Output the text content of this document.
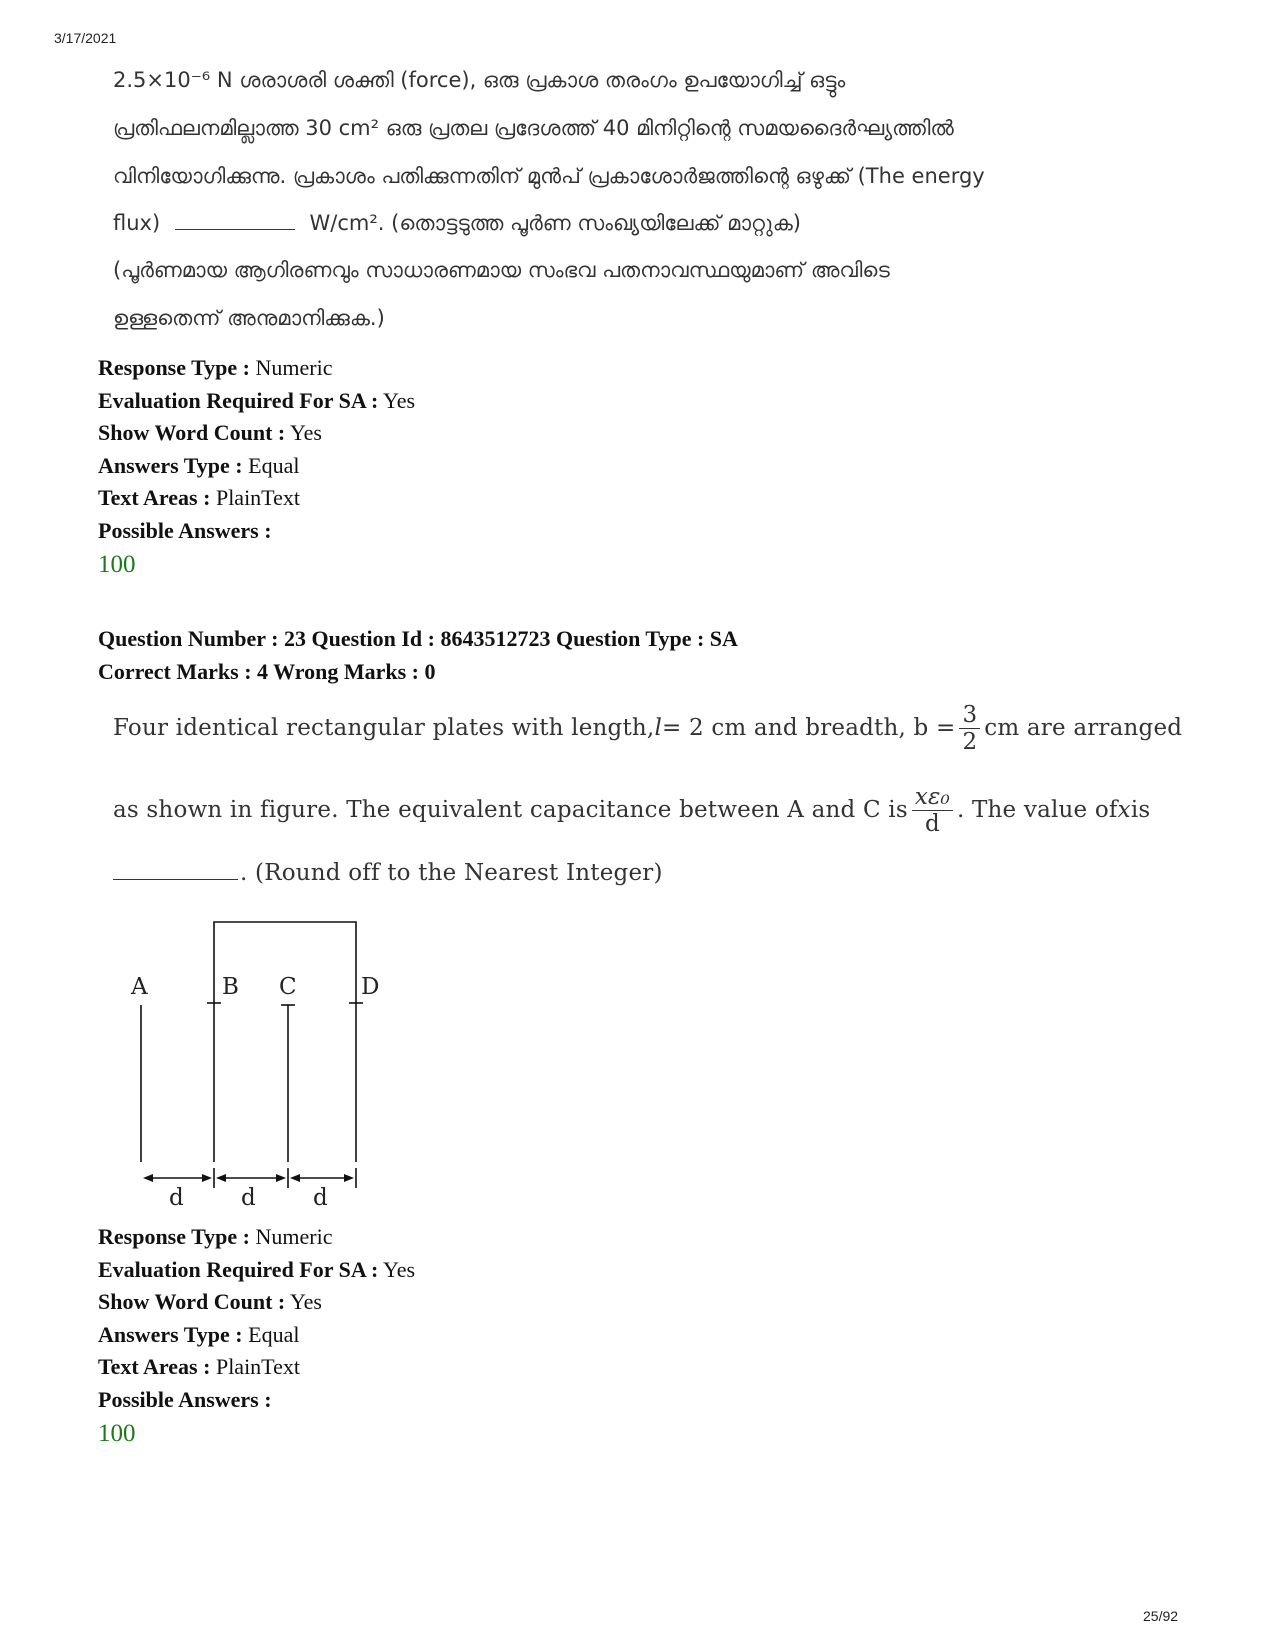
3/17/2021
25/92
2.5×10⁻⁶ N ശരാശരി ശക്തി (force), ഒരു പ്രകാശ തരംഗം ഉപയോഗിച്ച് ഒട്ടും
പ്രതിഫലനമില്ലാത്ത 30 cm² ഒരു പ്രതല പ്രദേശത്ത് 40 മിനിറ്റിന്റെ സമയദൈർഘ്യത്തിൽ
വിനിയോഗിക്കുന്നു. പ്രകാശം പതിക്കുന്നതിന് മുൻപ് പ്രകാശോർജത്തിന്റെ ഒഴുക്ക് (The energy
flux)	W/cm². (തൊട്ടടുത്ത പൂർണ സംഖ്യയിലേക്ക് മാറ്റുക)
(പൂർണമായ ആഗിരണവും സാധാരണമായ സംഭവ പതനാവസ്ഥയുമാണ് അവിടെ
ഉള്ളതെന്ന് അനുമാനിക്കുക.)
Response Type : Numeric
Evaluation Required For SA : Yes
Show Word Count : Yes
Answers Type : Equal
Text Areas : PlainText
Possible Answers :
100
Question Number : 23 Question Id : 8643512723 Question Type : SA
Correct Marks : 4 Wrong Marks : 0
Four identical rectangular plates with length, l = 2 cm and breadth, $b = \frac{3}{2}$ cm are arranged
as shown in figure. The equivalent capacitance between A and C is $\frac{\text{xε₀}}{d}$ . The value of x is
. (Round off to the Nearest Integer)
A	B C	D
d d d
Response Type : Numeric
Evaluation Required For SA : Yes
Show Word Count : Yes
Answers Type : Equal
Text Areas : PlainText
Possible Answers :
100
